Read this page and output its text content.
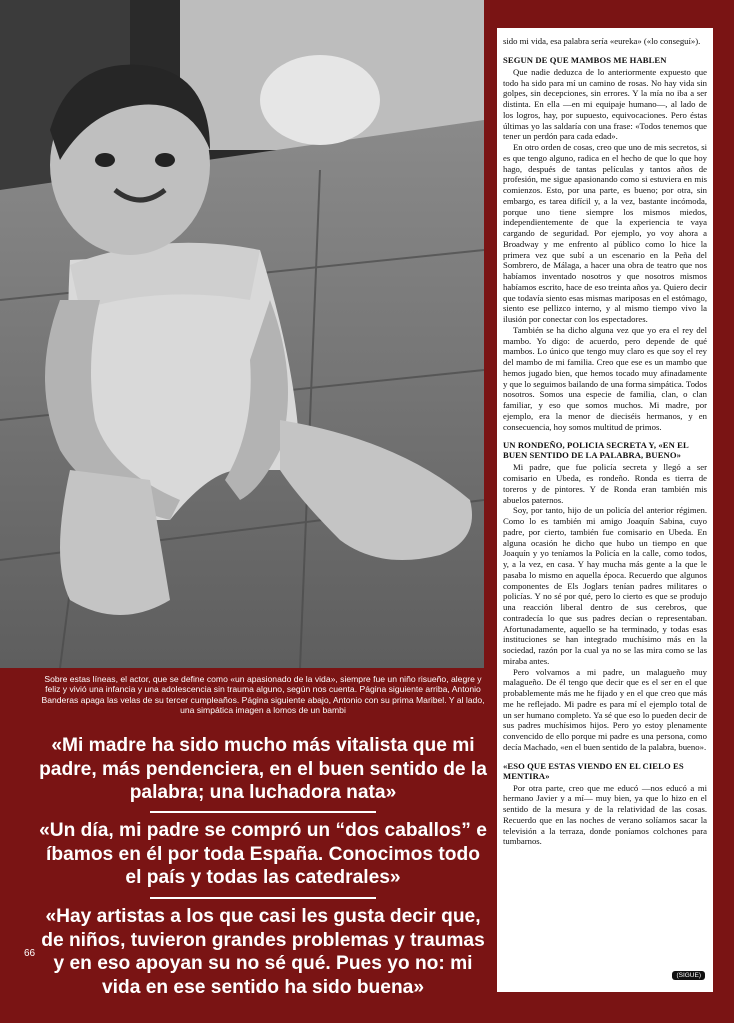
Sobre estas líneas, el actor, que se define como «un apasionado de la vida», siempre fue un niño risueño, alegre y feliz y vivió una infancia y una adolescencia sin trauma alguno, según nos cuenta. Página siguiente arriba, Antonio Banderas apaga las velas de su tercer cumpleaños. Página siguiente abajo, Antonio con su prima Maribel. Y al lado, una simpática imagen a lomos de un bambi

«Mi madre ha sido mucho más vitalista que mi padre, más pendenciera, en el buen sentido de la palabra; una luchadora nata»

«Un día, mi padre se compró un “dos caballos” e íbamos en él por toda España. Conocimos todo el país y todas las catedrales»

«Hay artistas a los que casi les gusta decir que, de niños, tuvieron grandes problemas y traumas y en eso apoyan su no sé qué. Pues yo no: mi vida en ese sentido ha sido buena»

66

sido mi vida, esa palabra sería «eureka» («lo conseguí»).

SEGUN DE QUE MAMBOS ME HABLEN

Que nadie deduzca de lo anteriormente expuesto que todo ha sido para mí un camino de rosas. No hay vida sin golpes, sin decepciones, sin errores. Y la mía no iba a ser distinta. En ella —en mi equipaje humano—, al lado de los logros, hay, por supuesto, equivocaciones. Pero éstas últimas yo las saldaría con una frase: «Todos tenemos que tener un perdón para cada edad».

En otro orden de cosas, creo que uno de mis secretos, si es que tengo alguno, radica en el hecho de que lo que hoy hago, después de tantas películas y tantos años de profesión, me sigue apasionando como si estuviera en mis comienzos. Esto, por una parte, es bueno; por otra, sin embargo, es tarea difícil y, a la vez, bastante incómoda, porque uno tiene siempre los mismos miedos, independientemente de que la experiencia te vaya cargando de seguridad. Por ejemplo, yo voy ahora a Broadway y me enfrento al público como lo hice la primera vez que subí a un escenario en la Peña del Sombrero, de Málaga, a hacer una obra de teatro que nos habíamos inventado nosotros y que nosotros mismos habíamos escrito, hace de eso treinta años ya. Quiero decir que todavía siento esas mismas mariposas en el estómago, siento ese pellizco interno, y al mismo tiempo vivo la ilusión por conectar con los espectadores.

También se ha dicho alguna vez que yo era el rey del mambo. Yo digo: de acuerdo, pero depende de qué mambos. Lo único que tengo muy claro es que soy el rey del mambo de mi familia. Creo que ese es un mambo que hemos jugado bien, que hemos tocado muy afinadamente y que lo seguimos bailando de una forma simpática. Todos nosotros. Somos una especie de familia, clan, o clan familiar, y eso que somos muchos. Mi madre, por ejemplo, era la menor de dieciséis hermanos, y en consecuencia, hoy somos multitud de primos.

UN RONDEÑO, POLICIA SECRETA Y, «EN EL BUEN SENTIDO DE LA PALABRA, BUENO»

Mi padre, que fue policía secreta y llegó a ser comisario en Ubeda, es rondeño. Ronda es tierra de toreros y de pintores. Y de Ronda eran también mis abuelos paternos.

Soy, por tanto, hijo de un policía del anterior régimen. Como lo es también mi amigo Joaquín Sabina, cuyo padre, por cierto, también fue comisario en Ubeda. En alguna ocasión he dicho que hubo un tiempo en que Joaquín y yo teníamos la Policía en la calle, como todos, y, a la vez, en casa. Y hay mucha más gente a la que le pasaba lo mismo en aquella época. Recuerdo que algunos componentes de Els Joglars tenían padres militares o policías. Y no sé por qué, pero lo cierto es que se produjo una reacción liberal dentro de sus cerebros, que contradecía lo que sus padres decían o representaban. Afortunadamente, aquello se ha terminado, y todas esas instituciones se han integrado muchísimo más en la sociedad, razón por la cual ya no se las mira como se las miraba antes.

Pero volvamos a mi padre, un malagueño muy malagueño. De él tengo que decir que es el ser en el que probablemente más me he fijado y en el que creo que más me he reflejado. Mi padre es para mí el ejemplo total de un ser humano completo. Ya sé que eso lo pueden decir de sus padres muchísimos hijos. Pero yo estoy plenamente convencido de ello porque mi padre es una persona, como decía Machado, «en el buen sentido de la palabra, bueno».

«ESO QUE ESTAS VIENDO EN EL CIELO ES MENTIRA»

Por otra parte, creo que me educó —nos educó a mi hermano Javier y a mí— muy bien, ya que lo hizo en el sentido de la mesura y de la relatividad de las cosas. Recuerdo que en las noches de verano solíamos sacar la televisión a la terraza, donde poníamos colchones para tumbarnos.

(SIGUE)
